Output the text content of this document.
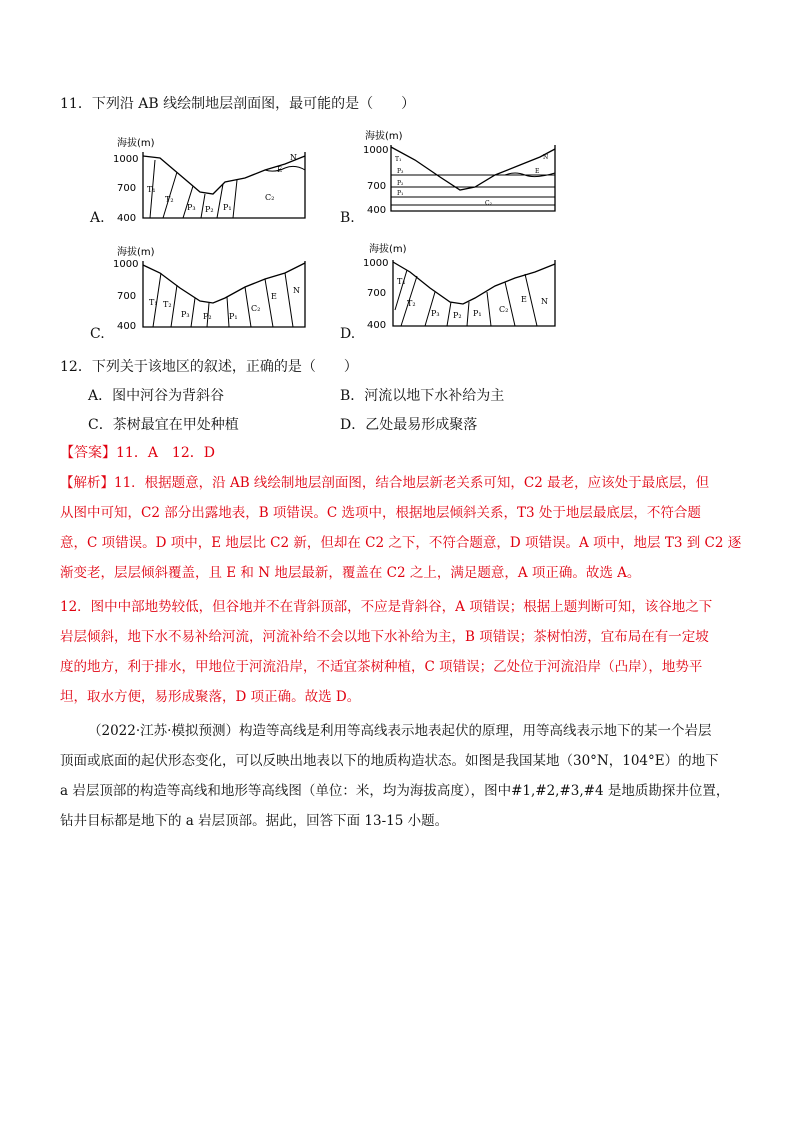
11．下列沿 AB 线绘制地层剖面图，最可能的是（　　）
海拔(m)
1000
700
400
T₁
T₂
P₃ P₂ P₁
C₂
N
E
A.
海拔(m)
1000
700
400
T₁
P₃
P₂
P₁
C₂
N
E
B.
海拔(m)
1000
700
400
T₁ T₂
P₃ P₂ P₁
C₂
E
N
C.
海拔(m)
1000
700
400
T₁
T₂
P₃ P₂ P₁ C₂
E N
D.
12．下列关于该地区的叙述，正确的是（　　）
A．图中河谷为背斜谷	B．河流以地下水补给为主
C．茶树最宜在甲处种植	D．乙处最易形成聚落
【答案】11．A　12．D
【解析】11．根据题意，沿 AB 线绘制地层剖面图，结合地层新老关系可知，C2 最老，应该处于最底层，但
从图中可知，C2 部分出露地表，B 项错误。C 选项中，根据地层倾斜关系，T3 处于地层最底层，不符合题
意，C 项错误。D 项中，E 地层比 C2 新，但却在 C2 之下，不符合题意，D 项错误。A 项中，地层 T3 到 C2 逐
渐变老，层层倾斜覆盖，且 E 和 N 地层最新，覆盖在 C2 之上，满足题意，A 项正确。故选 A。
12．图中中部地势较低，但谷地并不在背斜顶部，不应是背斜谷，A 项错误；根据上题判断可知，该谷地之下
岩层倾斜，地下水不易补给河流，河流补给不会以地下水补给为主，B 项错误；茶树怕涝，宜布局在有一定坡
度的地方，利于排水，甲地位于河流沿岸，不适宜茶树种植，C 项错误；乙处位于河流沿岸（凸岸），地势平
坦，取水方便，易形成聚落，D 项正确。故选 D。
（2022·江苏·模拟预测）构造等高线是利用等高线表示地表起伏的原理，用等高线表示地下的某一个岩层
顶面或底面的起伏形态变化，可以反映出地表以下的地质构造状态。如图是我国某地（30°N，104°E）的地下
a 岩层顶部的构造等高线和地形等高线图（单位：米，均为海拔高度），图中#1,#2,#3,#4 是地质勘探井位置，
钻井目标都是地下的 a 岩层顶部。据此，回答下面 13-15 小题。
